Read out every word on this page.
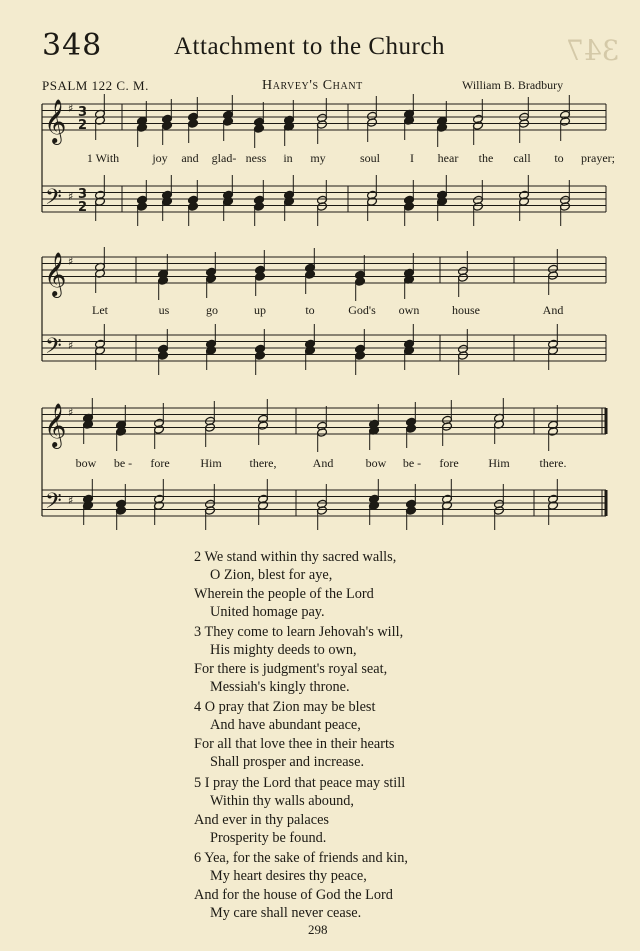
348	Attachment to the Church	347
PSALM 122 C. M.	Harvey's Chant	William B. Bradbury
𝄞
𝄢
♯
♯
3
3
2
2
𝄞
𝄢
♯
♯
𝄞
𝄢
♯
♯
1 With	joy and glad- ness in my	soul I hear the call to prayer;
Let	us	go	up	to	God's own	house	And
bow be - fore	Him there,	And	bow be - fore Him there.
2 We stand within thy sacred walls,
O Zion, blest for aye,
Wherein the people of the Lord
United homage pay.
3 They come to learn Jehovah's will,
His mighty deeds to own,
For there is judgment's royal seat,
Messiah's kingly throne.
4 O pray that Zion may be blest
And have abundant peace,
For all that love thee in their hearts
Shall prosper and increase.
5 I pray the Lord that peace may still
Within thy walls abound,
And ever in thy palaces
Prosperity be found.
6 Yea, for the sake of friends and kin,
My heart desires thy peace,
And for the house of God the Lord
My care shall never cease.
298
